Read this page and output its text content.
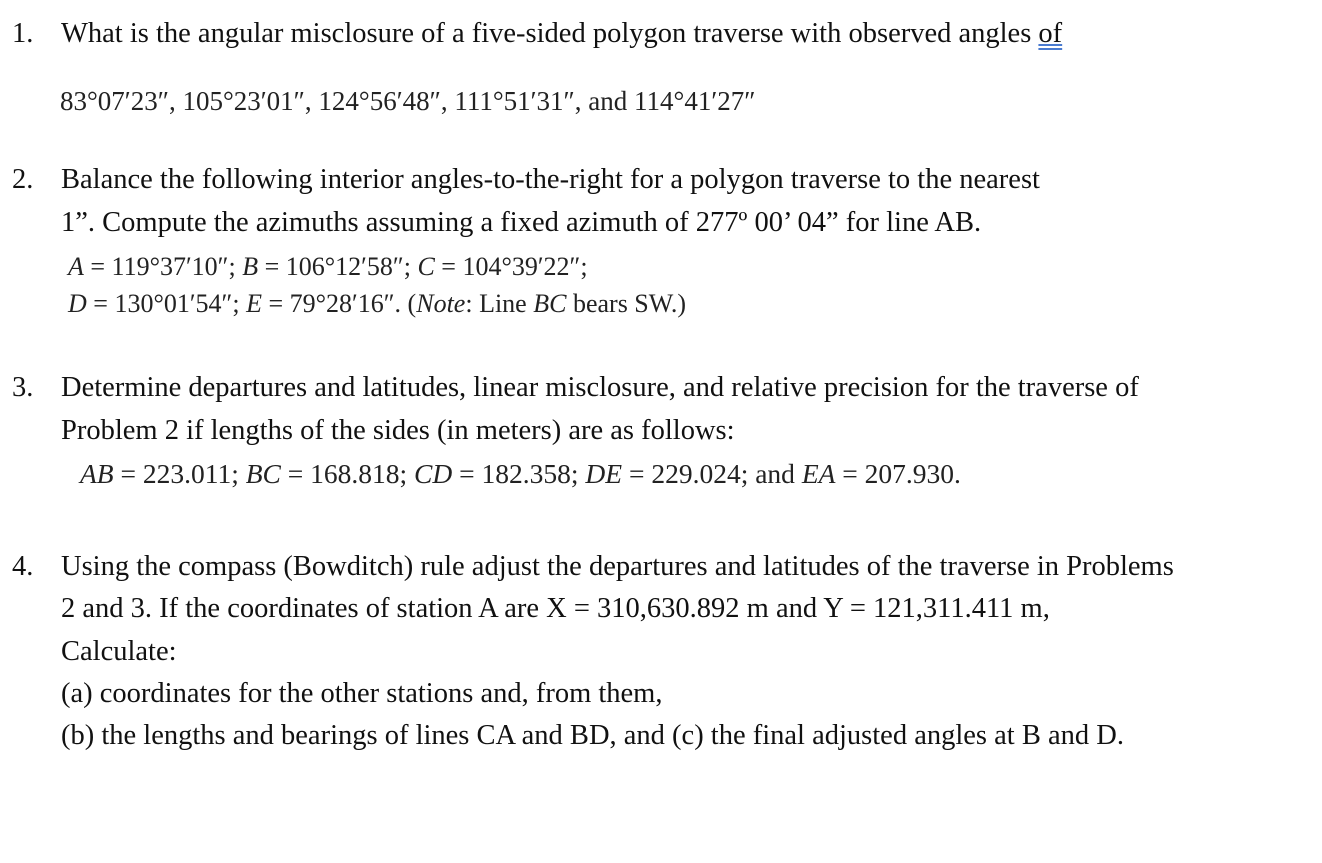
1. What is the angular misclosure of a five-sided polygon traverse with observed angles of
83°07′23″, 105°23′01″, 124°56′48″, 111°51′31″, and 114°41′27″
2. Balance the following interior angles-to-the-right for a polygon traverse to the nearest
1”. Compute the azimuths assuming a fixed azimuth of 277º 00’ 04” for line AB.
A = 119°37′10″; B = 106°12′58″; C = 104°39′22″;
D = 130°01′54″; E = 79°28′16″. (Note: Line BC bears SW.)
3. Determine departures and latitudes, linear misclosure, and relative precision for the traverse of
Problem 2 if lengths of the sides (in meters) are as follows:
AB = 223.011; BC = 168.818; CD = 182.358; DE = 229.024; and EA = 207.930.
4. Using the compass (Bowditch) rule adjust the departures and latitudes of the traverse in Problems
2 and 3. If the coordinates of station A are X = 310,630.892 m and Y = 121,311.411 m,
Calculate:
(a) coordinates for the other stations and, from them,
(b) the lengths and bearings of lines CA and BD, and (c) the final adjusted angles at B and D.
